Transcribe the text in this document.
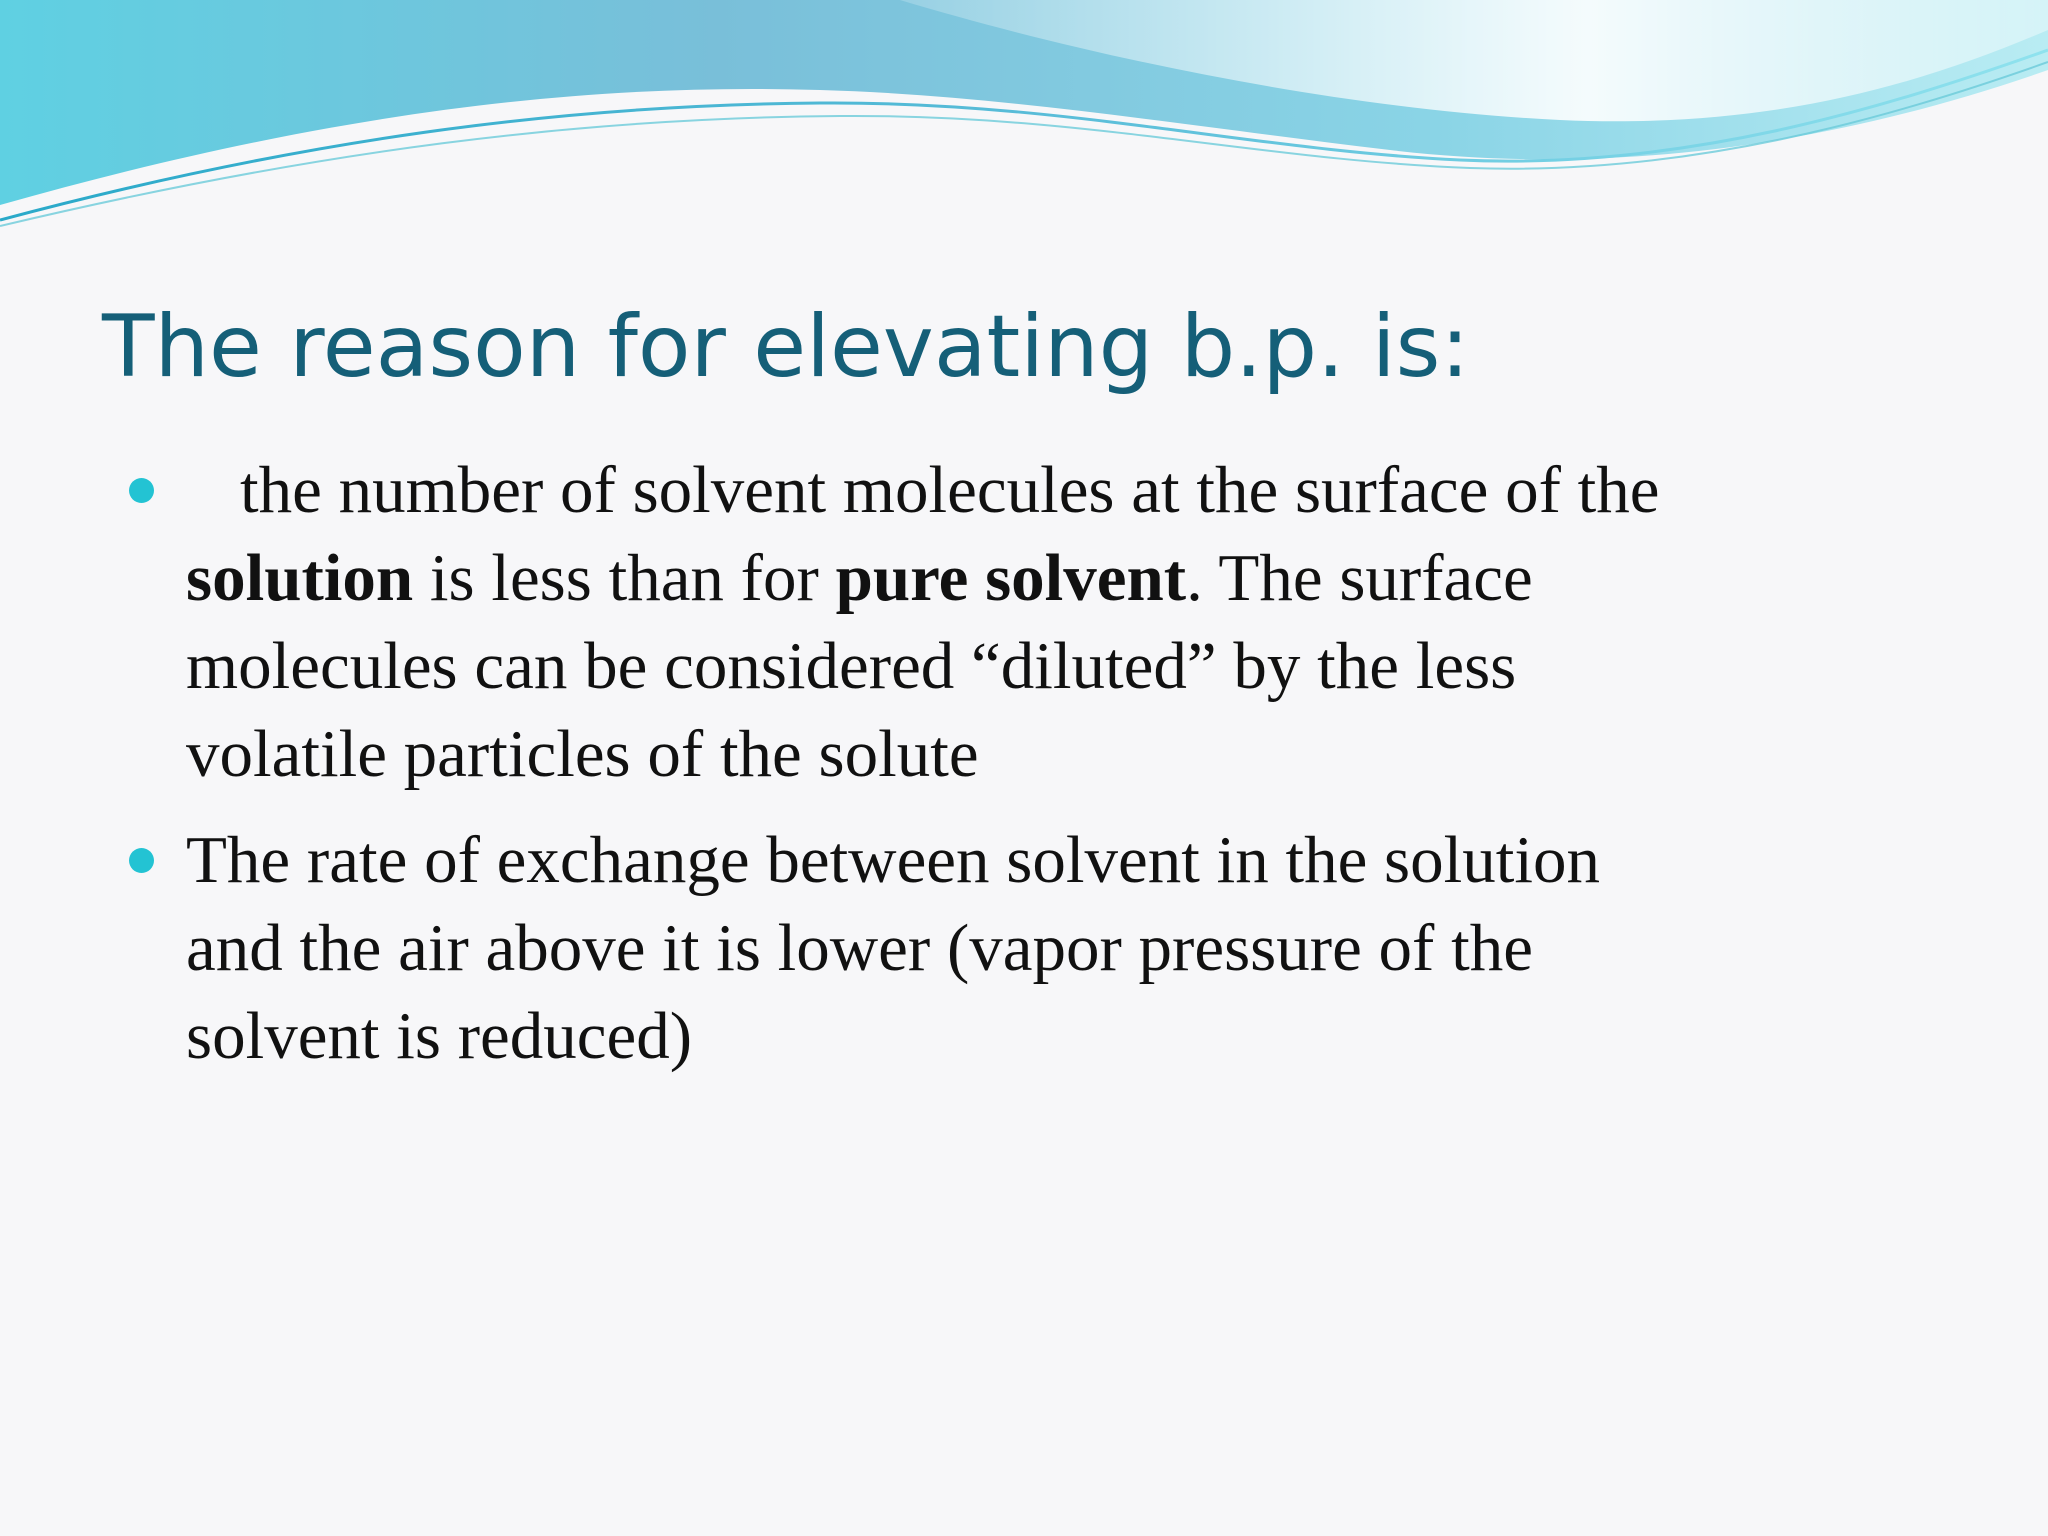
The reason for elevating b.p. is:
the number of solvent molecules at the surface of the
solution is less than for pure solvent. The surface
molecules can be considered “diluted” by the less
volatile particles of the solute
The rate of exchange between solvent in the solution
and the air above it is lower (vapor pressure of the
solvent is reduced)
